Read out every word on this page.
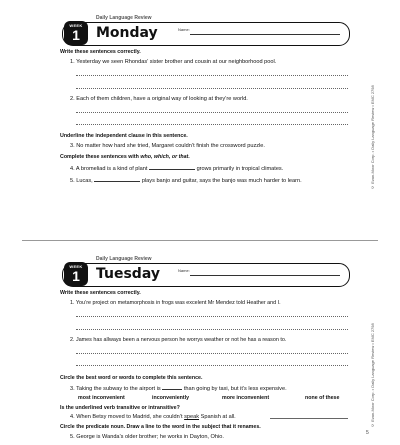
Daily Language Review
WEEK
1	Monday	Name:
Write these sentences correctly.
1. Yesterday we seen Rhondas’ sister brother and cousin at our neighborhood pool.
2. Each of them children, have a original way of looking at they’re world.
Underline the independent clause in this sentence.
3. No matter how hard she tried, Margaret couldn’t finish the crossword puzzle.
Complete these sentences with who, which, or that.
4. A bromeliad is a kind of plant	grows primarily in tropical climates.
5. Lucas,	plays banjo and guitar, says the banjo was much harder to learn.	© Evan-Moor Corp. • Daily Language Review • EMC 2798
Daily Language Review
WEEK
1	Tuesday	Name:
Write these sentences correctly.
1. You’re project on metamorphosis in frogs was excelent Mr Mendez told Heather and I.
2. James has allways been a nervous person he worrys weather or not he has a reason to.
Circle the best word or words to complete this sentence.
3. Taking the subway to the airport is	than going by taxi, but it’s less expensive.
most inconvenient	inconveniently	more inconvenient	none of these
Is the underlined verb transitive or intransitive?
4. When Betsy moved to Madrid, she couldn’t speak Spanish at all.
Circle the predicate noun. Draw a line to the word in the subject that it renames.
5. George is Wanda’s older brother; he works in Dayton, Ohio.
© Evan-Moor Corp. • Daily Language Review • EMC 2798
5
